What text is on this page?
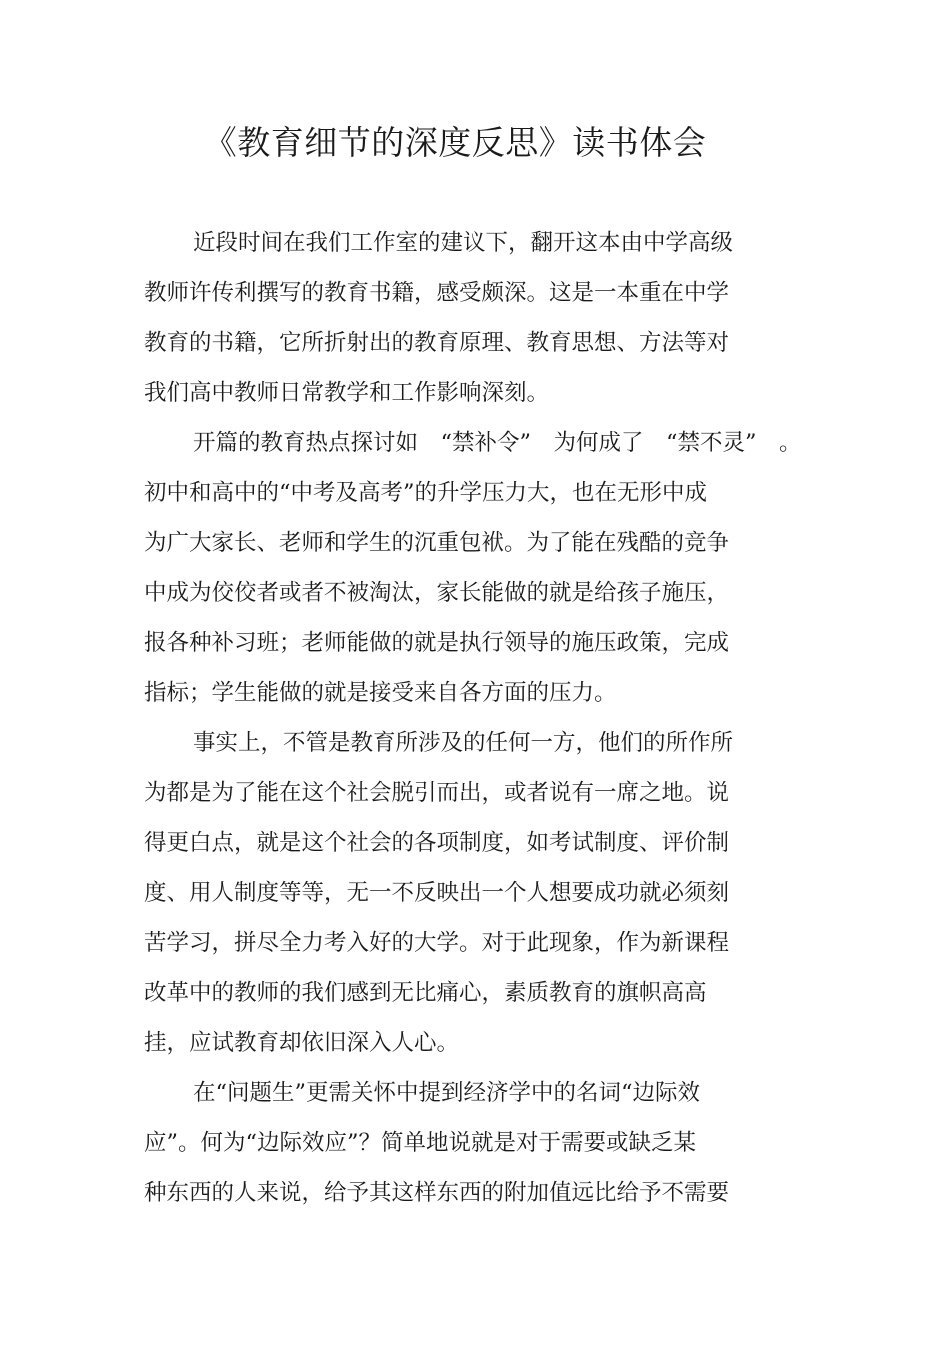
《教育细节的深度反思》读书体会
近段时间在我们工作室的建议下，翻开这本由中学高级
教师许传利撰写的教育书籍，感受颇深。这是一本重在中学
教育的书籍，它所折射出的教育原理、教育思想、方法等对
我们高中教师日常教学和工作影响深刻。
开篇的教育热点探讨如　“禁补令”　为何成了　“禁不灵”　。
初中和高中的“中考及高考”的升学压力大，也在无形中成
为广大家长、老师和学生的沉重包袱。为了能在残酷的竞争
中成为佼佼者或者不被淘汰，家长能做的就是给孩子施压，
报各种补习班；老师能做的就是执行领导的施压政策，完成
指标；学生能做的就是接受来自各方面的压力。
事实上，不管是教育所涉及的任何一方，他们的所作所
为都是为了能在这个社会脱引而出，或者说有一席之地。说
得更白点，就是这个社会的各项制度，如考试制度、评价制
度、用人制度等等，无一不反映出一个人想要成功就必须刻
苦学习，拼尽全力考入好的大学。对于此现象，作为新课程
改革中的教师的我们感到无比痛心，素质教育的旗帜高高
挂，应试教育却依旧深入人心。
在“问题生”更需关怀中提到经济学中的名词“边际效
应”。何为“边际效应”？简单地说就是对于需要或缺乏某
种东西的人来说，给予其这样东西的附加值远比给予不需要
